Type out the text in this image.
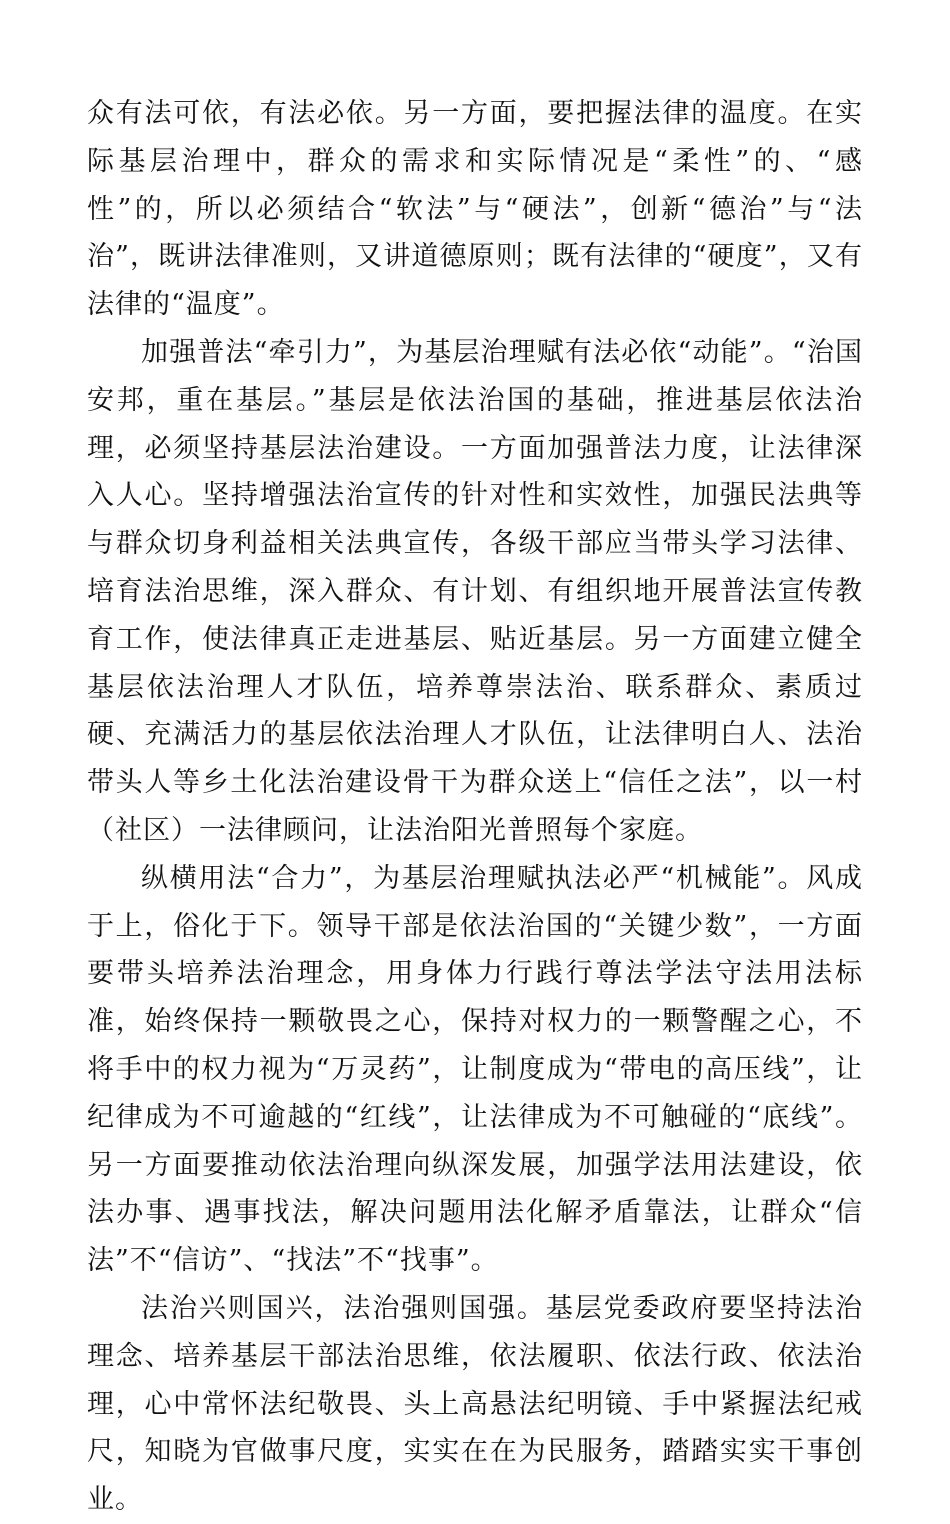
众有法可依，有法必依。另一方面，要把握法律的温度。在实际基层治理中，群众的需求和实际情况是“柔性”的、“感性”的，所以必须结合“软法”与“硬法”，创新“德治”与“法治”，既讲法律准则，又讲道德原则；既有法律的“硬度”，又有法律的“温度”。

加强普法“牵引力”，为基层治理赋有法必依“动能”。“治国安邦，重在基层。”基层是依法治国的基础，推进基层依法治理，必须坚持基层法治建设。一方面加强普法力度，让法律深入人心。坚持增强法治宣传的针对性和实效性，加强民法典等与群众切身利益相关法典宣传，各级干部应当带头学习法律、培育法治思维，深入群众、有计划、有组织地开展普法宣传教育工作，使法律真正走进基层、贴近基层。另一方面建立健全基层依法治理人才队伍，培养尊崇法治、联系群众、素质过硬、充满活力的基层依法治理人才队伍，让法律明白人、法治带头人等乡土化法治建设骨干为群众送上“信任之法”，以一村（社区）一法律顾问，让法治阳光普照每个家庭。

纵横用法“合力”，为基层治理赋执法必严“机械能”。风成于上，俗化于下。领导干部是依法治国的“关键少数”，一方面要带头培养法治理念，用身体力行践行尊法学法守法用法标准，始终保持一颗敬畏之心，保持对权力的一颗警醒之心，不将手中的权力视为“万灵药”，让制度成为“带电的高压线”，让纪律成为不可逾越的“红线”，让法律成为不可触碰的“底线”。另一方面要推动依法治理向纵深发展，加强学法用法建设，依法办事、遇事找法，解决问题用法化解矛盾靠法，让群众“信法”不“信访”、“找法”不“找事”。

法治兴则国兴，法治强则国强。基层党委政府要坚持法治理念、培养基层干部法治思维，依法履职、依法行政、依法治理，心中常怀法纪敬畏、头上高悬法纪明镜、手中紧握法纪戒尺，知晓为官做事尺度，实实在在为民服务，踏踏实实干事创业。
